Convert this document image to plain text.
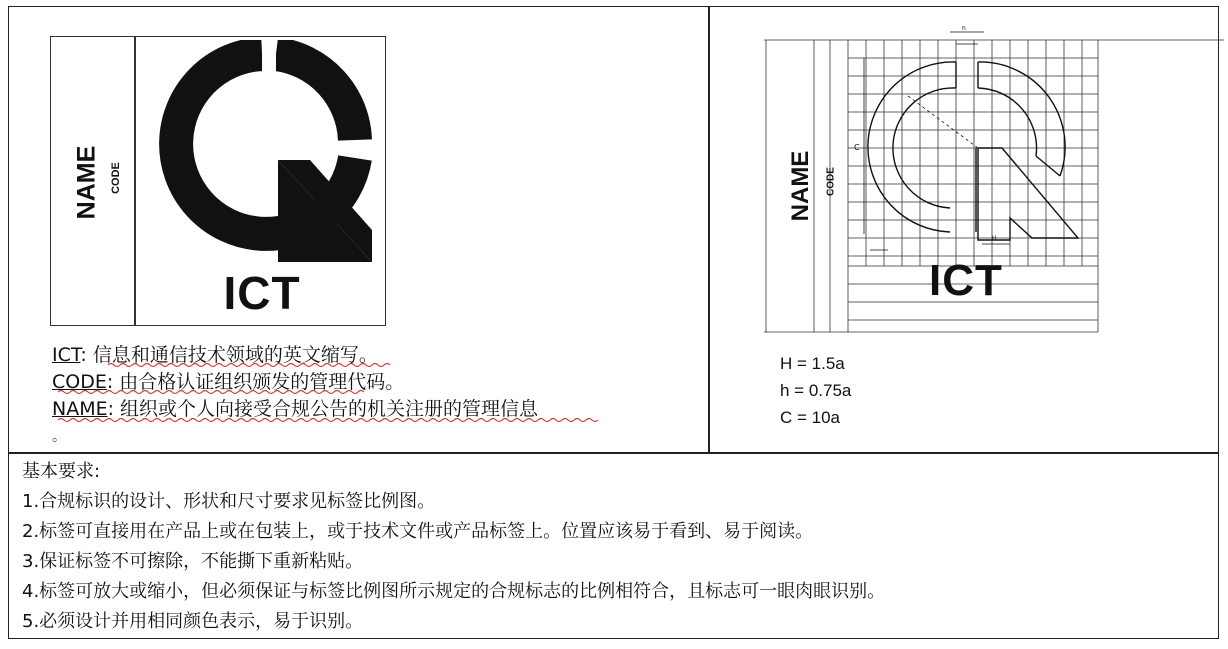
NAME CODE
ICT
ICT: 信息和通信技术领域的英文缩写。
CODE: 由合格认证组织颁发的管理代码。
NAME: 组织或个人向接受合规公告的机关注册的管理信息
。
C
H
h
NAME CODE
ICT
H = 1.5a
h = 0.75a
C = 10a
基本要求:
1.合规标识的设计、形状和尺寸要求见标签比例图。
2.标签可直接用在产品上或在包装上，或于技术文件或产品标签上。位置应该易于看到、易于阅读。
3.保证标签不可擦除，不能撕下重新粘贴。
4.标签可放大或缩小，但必须保证与标签比例图所示规定的合规标志的比例相符合，且标志可一眼肉眼识别。
5.必须设计并用相同颜色表示，易于识别。
